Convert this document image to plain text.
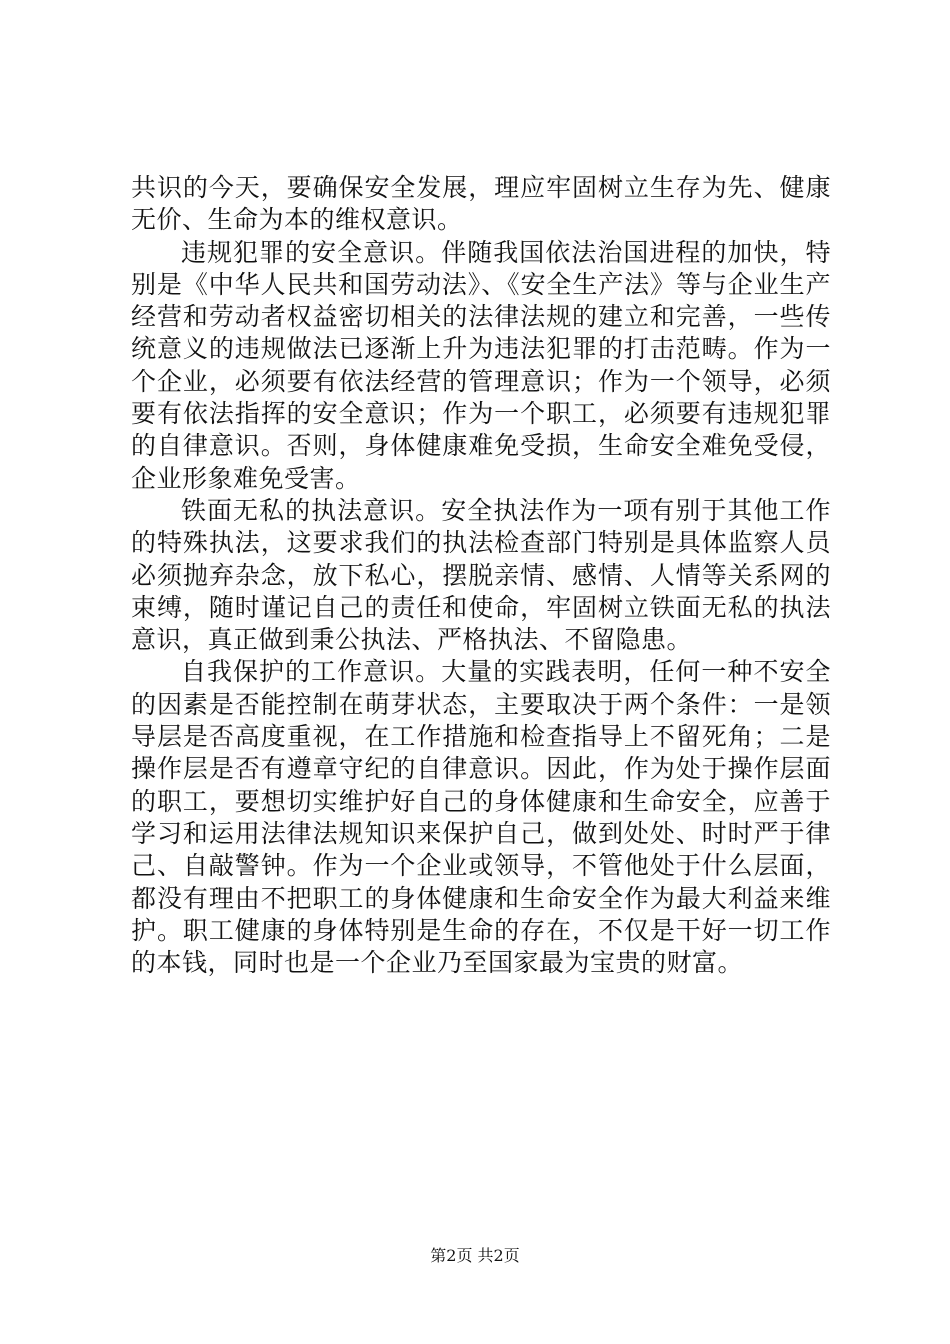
共识的今天，要确保安全发展，理应牢固树立生存为先、健康无价、生命为本的维权意识。

违规犯罪的安全意识。伴随我国依法治国进程的加快，特别是《中华人民共和国劳动法》、《安全生产法》等与企业生产经营和劳动者权益密切相关的法律法规的建立和完善，一些传统意义的违规做法已逐渐上升为违法犯罪的打击范畴。作为一个企业，必须要有依法经营的管理意识；作为一个领导，必须要有依法指挥的安全意识；作为一个职工，必须要有违规犯罪的自律意识。否则，身体健康难免受损，生命安全难免受侵，企业形象难免受害。

铁面无私的执法意识。安全执法作为一项有别于其他工作的特殊执法，这要求我们的执法检查部门特别是具体监察人员必须抛弃杂念，放下私心，摆脱亲情、感情、人情等关系网的束缚，随时谨记自己的责任和使命，牢固树立铁面无私的执法意识，真正做到秉公执法、严格执法、不留隐患。

自我保护的工作意识。大量的实践表明，任何一种不安全的因素是否能控制在萌芽状态，主要取决于两个条件：一是领导层是否高度重视，在工作措施和检查指导上不留死角；二是操作层是否有遵章守纪的自律意识。因此，作为处于操作层面的职工，要想切实维护好自己的身体健康和生命安全，应善于学习和运用法律法规知识来保护自己，做到处处、时时严于律己、自敲警钟。作为一个企业或领导，不管他处于什么层面，都没有理由不把职工的身体健康和生命安全作为最大利益来维护。职工健康的身体特别是生命的存在，不仅是干好一切工作的本钱，同时也是一个企业乃至国家最为宝贵的财富。

第2页 共2页
